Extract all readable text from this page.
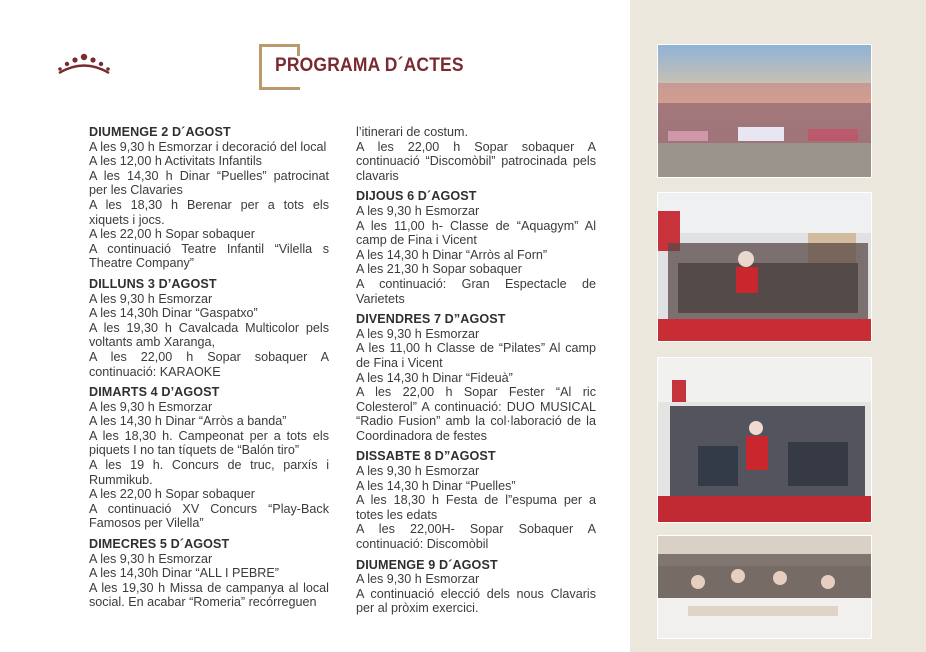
PROGRAMA D´ACTES
DIUMENGE 2 D´AGOST
A les 9,30 h Esmorzar i decoració del local
A les 12,00 h Activitats Infantils
A les 14,30 h Dinar “Puelles” patrocinat per les Clavaries
A les 18,30 h Berenar per a tots els xiquets i jocs.
A les 22,00 h Sopar sobaquer
A continuació Teatre Infantil “Vilella s Theatre Company”
DILLUNS 3 D’AGOST
A les 9,30 h Esmorzar
A les 14,30h Dinar “Gaspatxo”
A les 19,30 h Cavalcada Multicolor pels voltants amb Xaranga,
A les 22,00 h Sopar sobaquer A continuació: KARAOKE
DIMARTS 4 D’AGOST
A les 9,30 h Esmorzar
A les 14,30 h Dinar “Arròs a banda”
A les 18,30 h. Campeonat per a tots els piquets I no tan tíquets de “Balón tiro”
A les 19 h. Concurs de truc, parxís i Rummikub.
A les 22,00 h Sopar sobaquer
A continuació XV Concurs “Play-Back Famosos per Vilella”
DIMECRES 5 D´AGOST
A les 9,30 h Esmorzar
A les 14,30h Dinar “ALL I PEBRE”
A les 19,30 h Missa de campanya al local social. En acabar “Romeria” recórreguen
l’itinerari de costum.
A les 22,00 h Sopar sobaquer A continuació “Discomòbil” patrocinada pels clavaris
DIJOUS 6 D´AGOST
A les 9,30 h Esmorzar
A les 11,00 h- Classe de “Aquagym” Al camp de Fina i Vicent
A les 14,30 h Dinar “Arròs al Forn”
A les 21,30 h Sopar sobaquer
A continuació: Gran Espectacle de Varietets
DIVENDRES 7 D”AGOST
A les 9,30 h Esmorzar
A les 11,00 h Classe de “Pilates” Al camp de Fina i Vicent
A les 14,30 h Dinar “Fideuà”
A les 22,00 h Sopar Fester “Al ric Colesterol” A continuació: DUO MUSICAL “Radio Fusion” amb la col·laboració de la Coordinadora de festes
DISSABTE 8 D”AGOST
A les 9,30 h Esmorzar
A les 14,30 h Dinar “Puelles”
A les 18,30 h Festa de l”espuma per a totes les edats
A les 22,00H- Sopar Sobaquer A continuació: Discomòbil
DIUMENGE 9 D´AGOST
A les 9,30 h Esmorzar
A continuació elecció dels nous Clavaris per al pròxim exercici.
